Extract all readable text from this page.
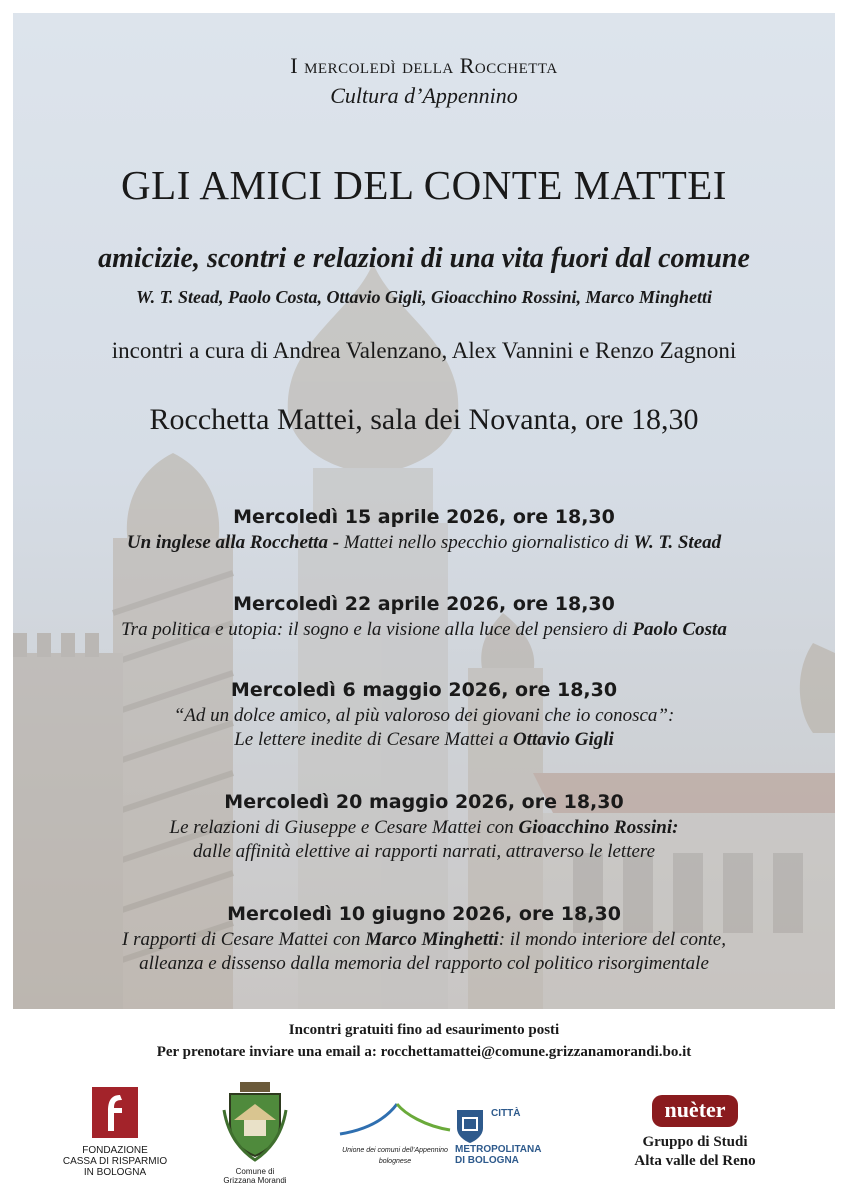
I mercoledì della Rocchetta
Cultura d’Appennino
GLI AMICI DEL CONTE MATTEI
amicizie, scontri e relazioni di una vita fuori dal comune
W. T. Stead, Paolo Costa, Ottavio Gigli, Gioacchino Rossini, Marco Minghetti
incontri a cura di Andrea Valenzano, Alex Vannini e Renzo Zagnoni
Rocchetta Mattei, sala dei Novanta, ore 18,30
Mercoledì 15 aprile 2026, ore 18,30
Un inglese alla Rocchetta - Mattei nello specchio giornalistico di W. T. Stead
Mercoledì 22 aprile 2026, ore 18,30
Tra politica e utopia: il sogno e la visione alla luce del pensiero di Paolo Costa
Mercoledì 6 maggio 2026, ore 18,30
“Ad un dolce amico, al più valoroso dei giovani che io conosca”:
Le lettere inedite di Cesare Mattei a Ottavio Gigli
Mercoledì 20 maggio 2026, ore 18,30
Le relazioni di Giuseppe e Cesare Mattei con Gioacchino Rossini:
dalle affinità elettive ai rapporti narrati, attraverso le lettere
Mercoledì 10 giugno 2026, ore 18,30
I rapporti di Cesare Mattei con Marco Minghetti: il mondo interiore del conte,
alleanza e dissenso dalla memoria del rapporto col politico risorgimentale
Incontri gratuiti fino ad esaurimento posti
Per prenotare inviare una email a: rocchettamattei@comune.grizzanamorandi.bo.it
FONDAZIONE
CASSA DI RISPARMIO
IN BOLOGNA	Comune di
Grizzana Morandi
Unione dei comuni dell’Appennino bolognese
CITTÀ
METROPOLITANA
DI BOLOGNA
nuèter
Gruppo di Studi
Alta valle del Reno
